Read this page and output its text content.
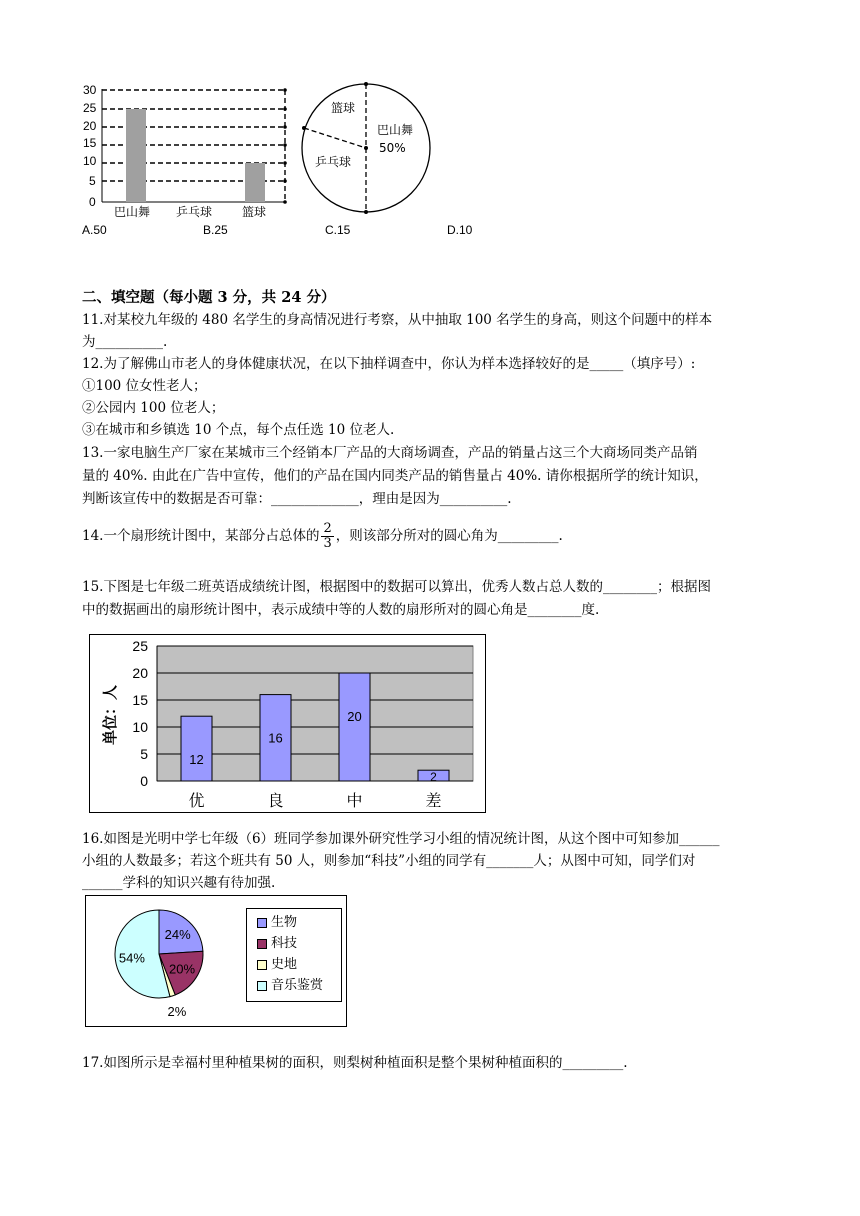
30
25
20
15
10
5
0
巴山舞 乒乓球 篮球
篮球
巴山舞
50%
乒乓球
A.50	B.25	C.15	D.10
二、填空题（每小题 3 分，共 24 分）
11.对某校九年级的 480 名学生的身高情况进行考察，从中抽取 100 名学生的身高，则这个问题中的样本
为__________.
12.为了解佛山市老人的身体健康状况，在以下抽样调查中，你认为样本选择较好的是_____（填序号）:
①100 位女性老人；
②公园内 100 位老人；
③在城市和乡镇选 10 个点，每个点任选 10 位老人.
13.一家电脑生产厂家在某城市三个经销本厂产品的大商场调查，产品的销量占这三个大商场同类产品销
量的 40%. 由此在广告中宣传，他们的产品在国内同类产品的销售量占 40%. 请你根据所学的统计知识，
判断该宣传中的数据是否可靠：_____________，理由是因为__________.
14.一个扇形统计图中，某部分占总体的 $\frac{2}{3}$ ，则该部分所对的圆心角为_________.
15.下图是七年级二班英语成绩统计图，根据图中的数据可以算出，优秀人数占总人数的________；根据图
中的数据画出的扇形统计图中，表示成绩中等的人数的扇形所对的圆心角是________度.
25
20
15
10
5
0
12
优
16
良
20
中
2
差
单位：人
16.如图是光明中学七年级（6）班同学参加课外研究性学习小组的情况统计图，从这个图中可知参加______
小组的人数最多；若这个班共有 50 人，则参加“科技”小组的同学有_______人；从图中可知，同学们对
______学科的知识兴趣有待加强.
24%
20%
2%
54%
生物
科技
史地
音乐鉴赏
17.如图所示是幸福村里种植果树的面积，则梨树种植面积是整个果树种植面积的_________.
